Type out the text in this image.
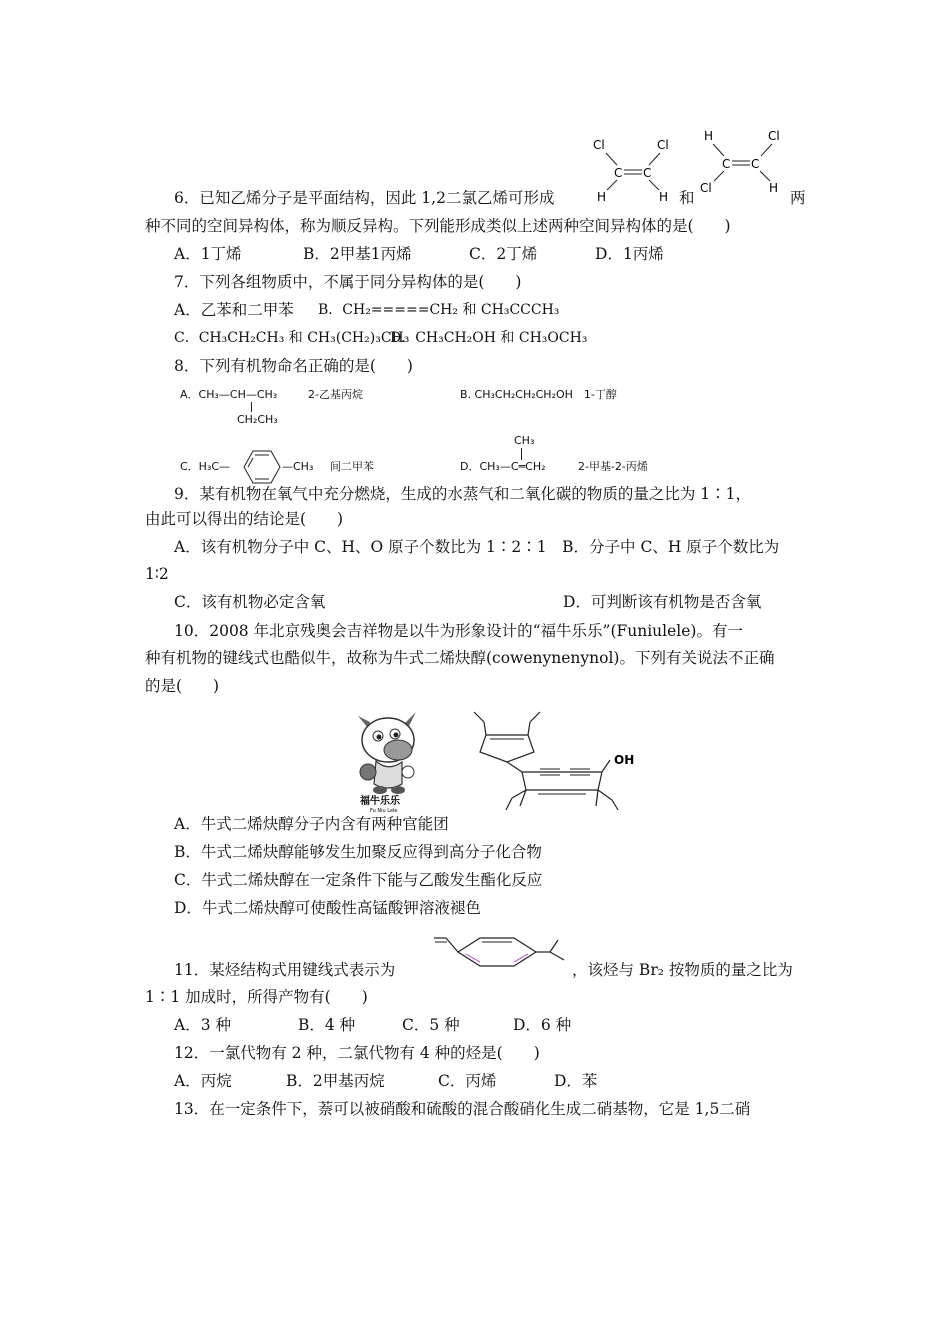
6．已知乙烯分子是平面结构，因此 1,2二氯乙烯可形成
Cl	Cl
C C
H	H 和
H	Cl
C C
Cl	H
两
种不同的空间异构体，称为顺反异构。下列能形成类似上述两种空间异构体的是(　　)
A．1丁烯	B．2甲基1丙烯	C．2丁烯	D．1丙烯
7．下列各组物质中，不属于同分异构体的是(　　)
A．乙苯和二甲苯 B．CH₂=====CH₂ 和 CH₃CCCH₃
C．CH₃CH₂CH₃ 和 CH₃(CH₂)₃CH₃
D．CH₃CH₂OH 和 CH₃OCH₃
8．下列有机物命名正确的是(　　)
A．CH₃—CH—CH₃	2-乙基丙烷
CH₂CH₃
B. CH₃CH₂CH₂CH₂OH　1-丁醇
C．H₃C—	—CH₃ 间二甲苯
CH₃
D．CH₃—C═CH₂	2-甲基-2-丙烯
9．某有机物在氧气中充分燃烧，生成的水蒸气和二氧化碳的物质的量之比为 1∶1，
由此可以得出的结论是(　　)
A．该有机物分子中 C、H、O 原子个数比为 1∶2∶1　B．分子中 C、H 原子个数比为
1∶2
C．该有机物必定含氧	D．可判断该有机物是否含氧
10．2008 年北京残奥会吉祥物是以牛为形象设计的“福牛乐乐”(Funiulele)。有一
种有机物的键线式也酷似牛，故称为牛式二烯炔醇(cowenynenynol)。下列有关说法不正确
的是(　　)
福牛乐乐
Fu Niu Lele
OH
A．牛式二烯炔醇分子内含有两种官能团
B．牛式二烯炔醇能够发生加聚反应得到高分子化合物
C．牛式二烯炔醇在一定条件下能与乙酸发生酯化反应
D．牛式二烯炔醇可使酸性高锰酸钾溶液褪色
11．某烃结构式用键线式表示为	，该烃与 Br₂ 按物质的量之比为
1∶1 加成时，所得产物有(　　)
A．3 种	B．4 种	C．5 种	D．6 种
12．一氯代物有 2 种，二氯代物有 4 种的烃是(　　)
A．丙烷	B．2甲基丙烷	C．丙烯	D．苯
13．在一定条件下，萘可以被硝酸和硫酸的混合酸硝化生成二硝基物，它是 1,5二硝
